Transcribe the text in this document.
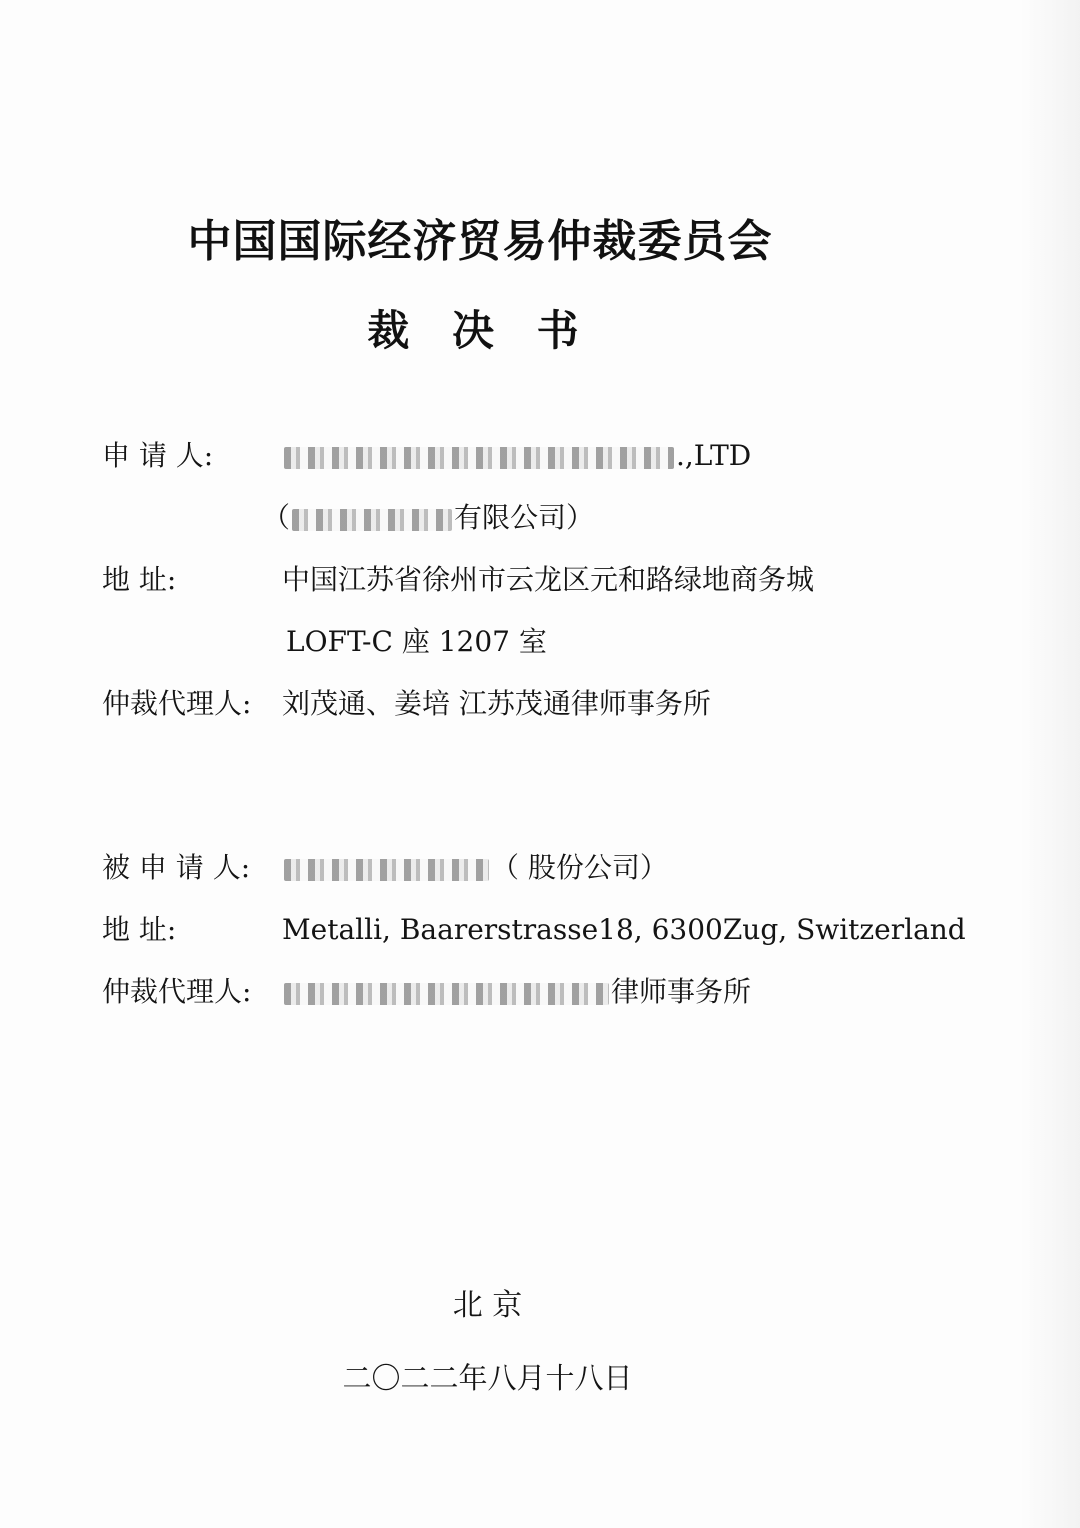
中国国际经济贸易仲裁委员会
裁 决 书
申 请 人:	.,LTD
（	有限公司）
地 址:	中国江苏省徐州市云龙区元和路绿地商务城
LOFT-C 座 1207 室
仲裁代理人:	刘茂通、姜培 江苏茂通律师事务所
被 申 请 人:	（ 股份公司）
地 址:	Metalli, Baarerstrasse18, 6300Zug, Switzerland
仲裁代理人:	律师事务所
北 京
二〇二二年八月十八日
